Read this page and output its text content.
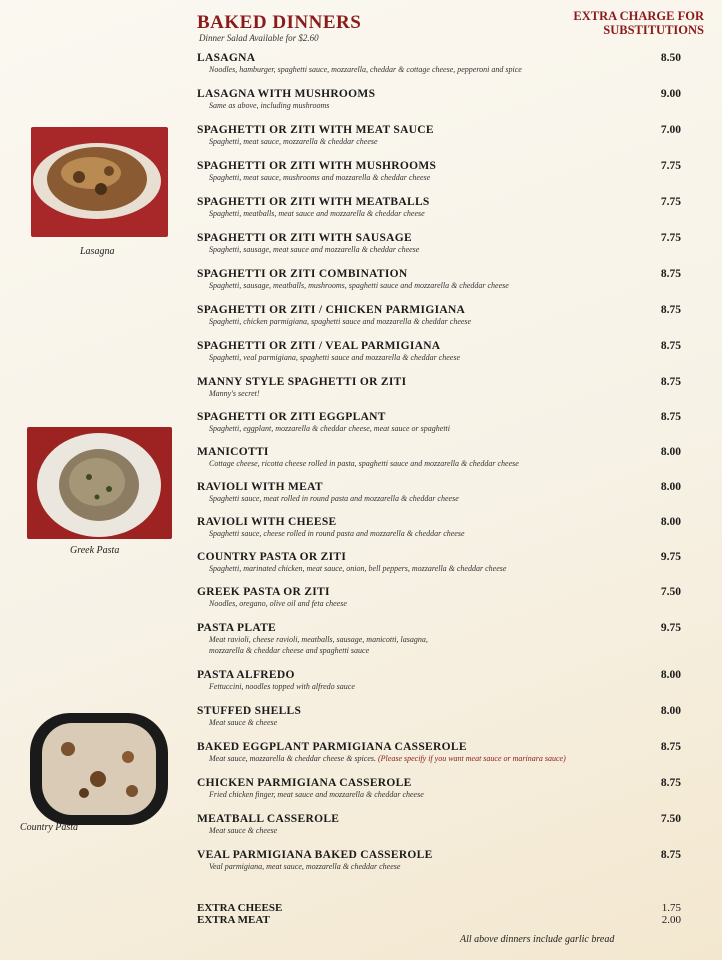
BAKED DINNERS
Dinner Salad Available for $2.60
EXTRA CHARGE FOR SUBSTITUTIONS
Lasagna
Greek Pasta
Country Pasta
LASAGNA
Noodles, hamburger, spaghetti sauce, mozzarella, cheddar & cottage cheese, pepperoni and spice
8.50
LASAGNA WITH MUSHROOMS
Same as above, including mushrooms
9.00
SPAGHETTI OR ZITI WITH MEAT SAUCE
Spaghetti, meat sauce, mozzarella & cheddar cheese
7.00
SPAGHETTI OR ZITI WITH MUSHROOMS
Spaghetti, meat sauce, mushrooms and mozzarella & cheddar cheese
7.75
SPAGHETTI OR ZITI WITH MEATBALLS
Spaghetti, meatballs, meat sauce and mozzarella & cheddar cheese
7.75
SPAGHETTI OR ZITI WITH SAUSAGE
Spaghetti, sausage, meat sauce and mozzarella & cheddar cheese
7.75
SPAGHETTI OR ZITI COMBINATION
Spaghetti, sausage, meatballs, mushrooms, spaghetti sauce and mozzarella & cheddar cheese
8.75
SPAGHETTI OR ZITI / CHICKEN PARMIGIANA
Spaghetti, chicken parmigiana, spaghetti sauce and mozzarella & cheddar cheese
8.75
SPAGHETTI OR ZITI / VEAL PARMIGIANA
Spaghetti, veal parmigiana, spaghetti sauce and mozzarella & cheddar cheese
8.75
MANNY STYLE SPAGHETTI OR ZITI
Manny's secret!
8.75
SPAGHETTI OR ZITI EGGPLANT
Spaghetti, eggplant, mozzarella & cheddar cheese, meat sauce or spaghetti
8.75
MANICOTTI
Cottage cheese, ricotta cheese rolled in pasta, spaghetti sauce and mozzarella & cheddar cheese
8.00
RAVIOLI WITH MEAT
Spaghetti sauce, meat rolled in round pasta and mozzarella & cheddar cheese
8.00
RAVIOLI WITH CHEESE
Spaghetti sauce, cheese rolled in round pasta and mozzarella & cheddar cheese
8.00
COUNTRY PASTA OR ZITI
Spaghetti, marinated chicken, meat sauce, onion, bell peppers, mozzarella & cheddar cheese
9.75
GREEK PASTA OR ZITI
Noodles, oregano, olive oil and feta cheese
7.50
PASTA PLATE
Meat ravioli, cheese ravioli, meatballs, sausage, manicotti, lasagna,
mozzarella & cheddar cheese and spaghetti sauce
9.75
PASTA ALFREDO
Fettuccini, noodles topped with alfredo sauce
8.00
STUFFED SHELLS
Meat sauce & cheese
8.00
BAKED EGGPLANT PARMIGIANA CASSEROLE
Meat sauce, mozzarella & cheddar cheese & spices. (Please specify if you want meat sauce or marinara sauce)
8.75
CHICKEN PARMIGIANA CASSEROLE
Fried chicken finger, meat sauce and mozzarella & cheddar cheese
8.75
MEATBALL CASSEROLE
Meat sauce & cheese
7.50
VEAL PARMIGIANA BAKED CASSEROLE
Veal parmigiana, meat sauce, mozzarella & cheddar cheese
8.75
EXTRA CHEESE	1.75
EXTRA MEAT	2.00
All above dinners include garlic bread
